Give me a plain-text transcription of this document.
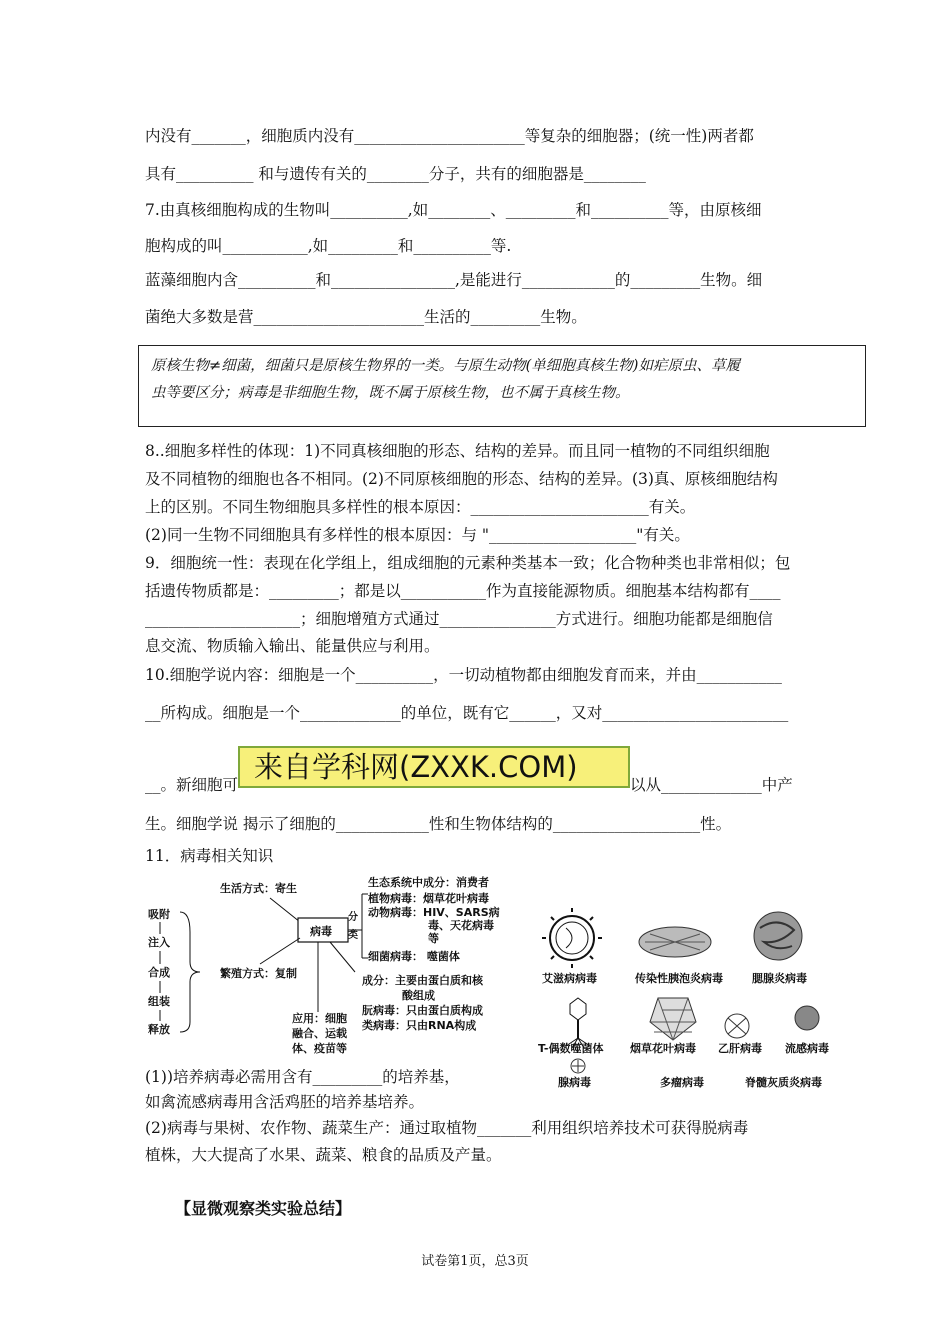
内没有_______，细胞质内没有______________________等复杂的细胞器；(统一性)两者都
具有__________ 和与遗传有关的________分子，共有的细胞器是________
7.由真核细胞构成的生物叫__________,如________、_________和__________等，由原核细
胞构成的叫___________,如_________和__________等.
蓝藻细胞内含__________和________________,是能进行____________的_________生物。细
菌绝大多数是营______________________生活的_________生物。
原核生物≠细菌，细菌只是原核生物界的一类。与原生动物(单细胞真核生物)如疟原虫、草履
虫等要区分；病毒是非细胞生物，既不属于原核生物，也不属于真核生物。
8..细胞多样性的体现：1)不同真核细胞的形态、结构的差异。而且同一植物的不同组织细胞
及不同植物的细胞也各不相同。(2)不同原核细胞的形态、结构的差异。(3)真、原核细胞结构
上的区别。不同生物细胞具多样性的根本原因：_______________________有关。
(2)同一生物不同细胞具有多样性的根本原因：与 "___________________"有关。
9．细胞统一性：表现在化学组上，组成细胞的元素种类基本一致；化合物种类也非常相似；包
括遗传物质都是：_________；都是以___________作为直接能源物质。细胞基本结构都有____
____________________；细胞增殖方式通过_______________方式进行。细胞功能都是细胞信
息交流、物质输入输出、能量供应与利用。
10.细胞学说内容：细胞是一个__________，一切动植物都由细胞发育而来，并由___________
__所构成。细胞是一个_____________的单位，既有它______，又对________________________
__。新细胞可	以从_____________中产
来自学科网(ZXXK.COM)
生。细胞学说 揭示了细胞的____________性和生物体结构的___________________性。
11．病毒相关知识
生活方式：寄生
病毒
分
类
生态系统中成分：消费者
植物病毒：烟草花叶病毒
动物病毒：HIV、SARS病
毒、天花病毒
等
细菌病毒： 噬菌体
成分：主要由蛋白质和核
酸组成
朊病毒：只由蛋白质构成
类病毒：只由RNA构成
应用：细胞
融合、运载
体、疫苗等
繁殖方式：复制
吸附
注入
合成
组装
释放
艾滋病病毒	传染性胰泡炎病毒	腮腺炎病毒
T-偶数噬菌体 烟草花叶病毒 乙肝病毒 流感病毒
腺病毒	多瘤病毒	脊髓灰质炎病毒
(1))培养病毒必需用含有_________的培养基，
如禽流感病毒用含活鸡胚的培养基培养。
(2)病毒与果树、农作物、蔬菜生产：通过取植物_______利用组织培养技术可获得脱病毒
植株，大大提高了水果、蔬菜、粮食的品质及产量。
【显微观察类实验总结】
试卷第1页，总3页
